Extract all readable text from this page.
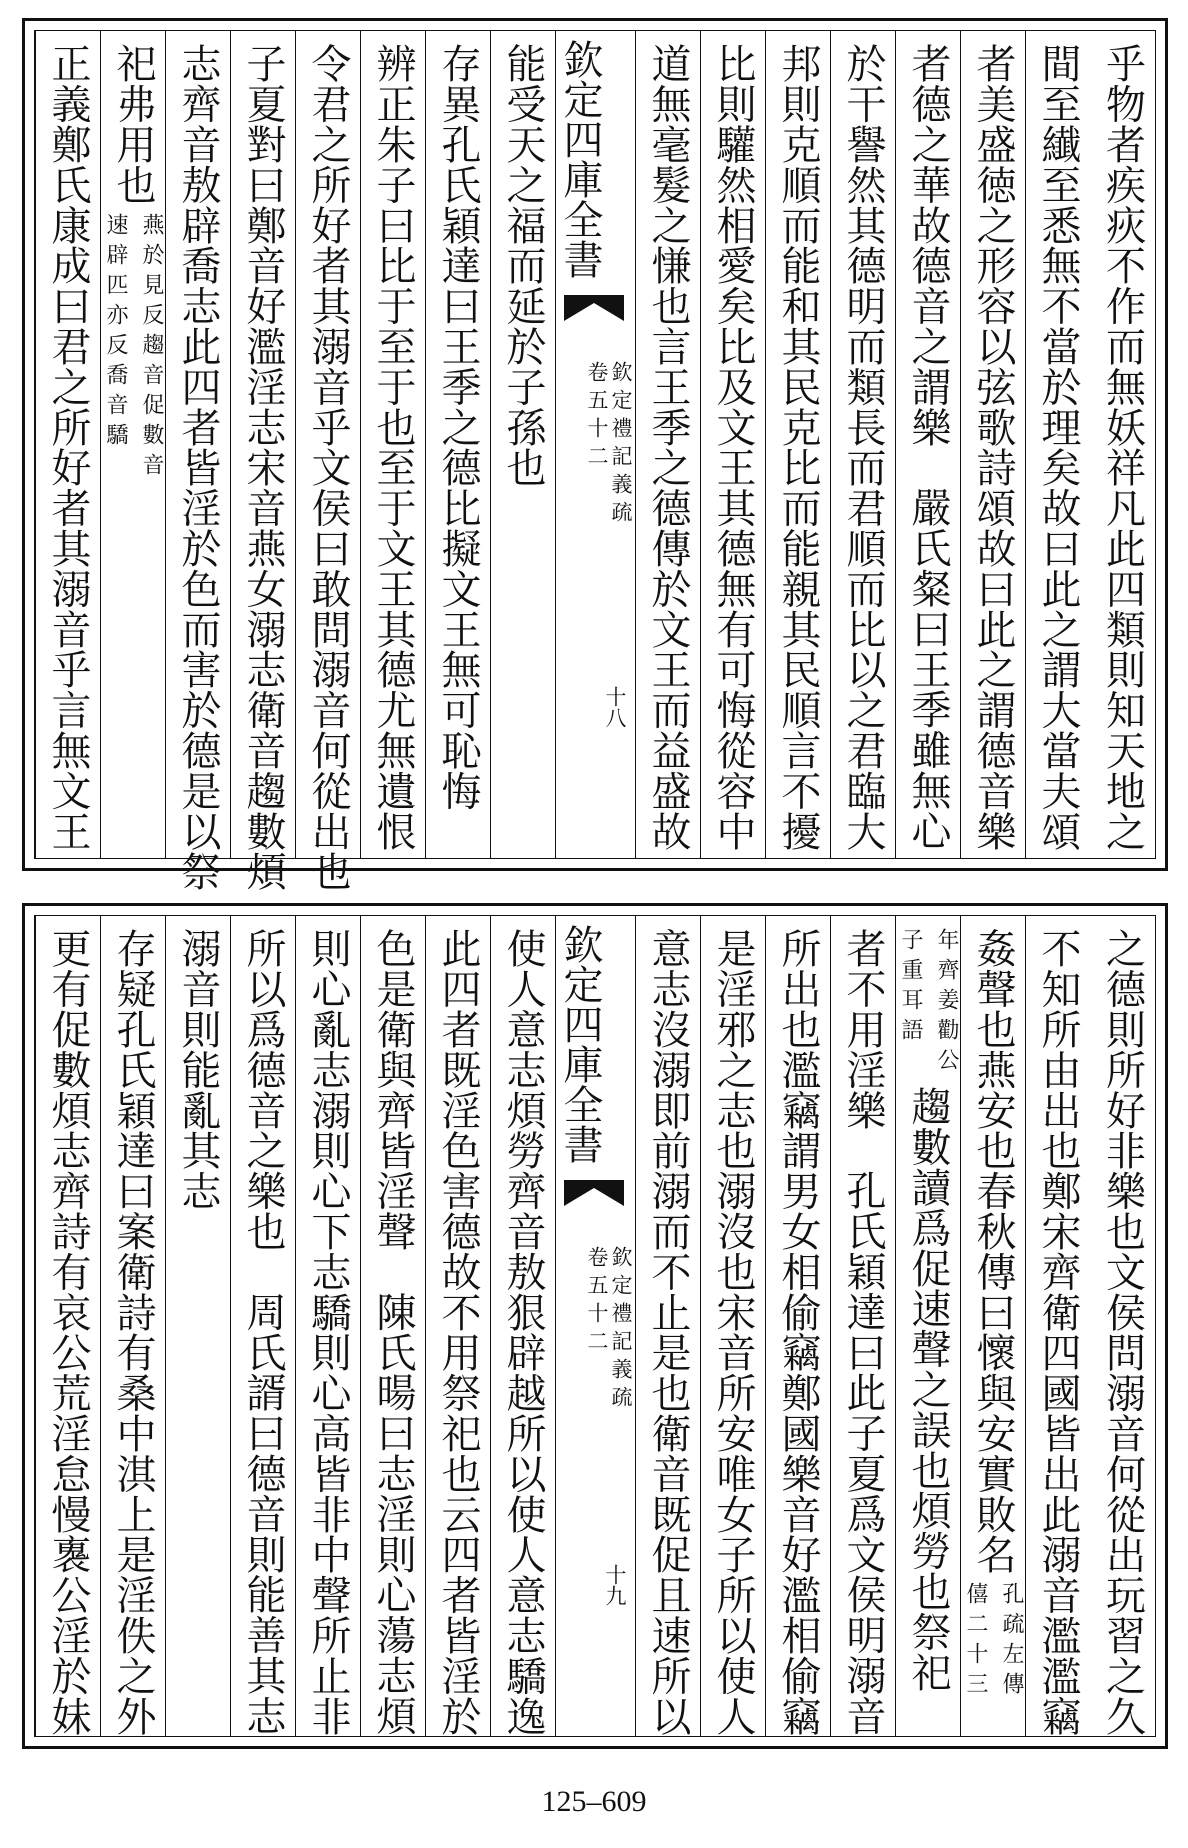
乎物者疾疢不作而無妖祥凡此四類則知天地之
間至纎至悉無不當於理矣故曰此之謂大當夫頌
者美盛徳之形容以弦歌詩頌故曰此之謂德音樂
者德之華故德音之謂樂嚴氏粲曰王季雖無心
於干譽然其德明而類長而君順而比以之君臨大
邦則克順而能和其民克比而能親其民順言不擾
比則驩然相愛矣比及文王其德無有可悔從容中
道無毫髮之慊也言王季之德傳於文王而益盛故
欽定四庫全書
欽定禮記義疏
卷五十二
十八
能受天之福而延於子孫也
存異孔氏穎達曰王季之德比擬文王無可恥悔
辨正朱子曰比于至于也至于文王其德尤無遺恨
令君之所好者其溺音乎文侯曰敢問溺音何從出也
子夏對曰鄭音好濫淫志宋音燕女溺志衛音趨數煩
志齊音敖辟喬志此四者皆淫於色而害於德是以祭
祀弗用也
燕於見反趨音促數音
速辟匹亦反喬音驕
正義鄭氏康成曰君之所好者其溺音乎言無文王
之德則所好非樂也文侯問溺音何從出玩習之久
不知所由出也鄭宋齊衛四國皆出此溺音濫濫竊
姦聲也燕安也春秋傳曰懷與安實敗名
孔疏左傳
僖二十三
年齊姜勸公
子重耳語
趨數讀爲促速聲之誤也煩勞也祭祀
者不用淫樂孔氏穎達曰此子夏爲文侯明溺音
所出也濫竊謂男女相偷竊鄭國樂音好濫相偷竊
是淫邪之志也溺沒也宋音所安唯女子所以使人
意志沒溺即前溺而不止是也衛音既促且速所以
欽定四庫全書
欽定禮記義疏
卷五十二
十九
使人意志煩勞齊音敖狠辟越所以使人意志驕逸
此四者既淫色害德故不用祭祀也云四者皆淫於
色是衛與齊皆淫聲陳氏暘曰志淫則心蕩志煩
則心亂志溺則心下志驕則心高皆非中聲所止非
所以爲德音之樂也周氏諝曰德音則能善其志
溺音則能亂其志
存疑孔氏穎達曰案衛詩有桑中淇上是淫佚之外
更有促數煩志齊詩有哀公荒淫怠慢褢公淫於妹
125–609
